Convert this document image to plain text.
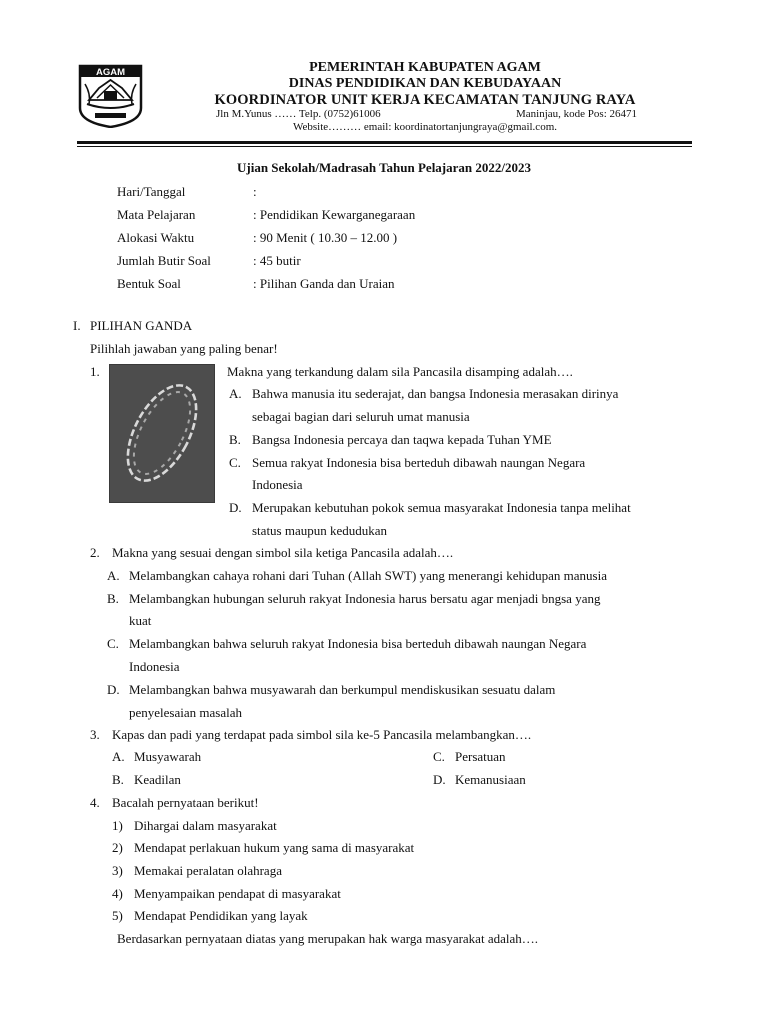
AGAM	PEMERINTAH KABUPATEN AGAM
DINAS PENDIDIKAN DAN KEBUDAYAAN
KOORDINATOR UNIT KERJA KECAMATAN TANJUNG RAYA
Jln M.Yunus …… Telp. (0752)61006	Maninjau, kode Pos: 26471
Website……… email: koordinatortanjungraya@gmail.com.
Ujian Sekolah/Madrasah Tahun Pelajaran 2022/2023
Hari/Tanggal	:
Mata Pelajaran	: Pendidikan Kewarganegaraan
Alokasi Waktu	: 90 Menit ( 10.30 – 12.00 )
Jumlah Butir Soal	: 45 butir
Bentuk Soal	: Pilihan Ganda dan Uraian
I. PILIHAN GANDA
Pilihlah jawaban yang paling benar!
1.	Makna yang terkandung dalam sila Pancasila disamping adalah….
A. Bahwa manusia itu sederajat, dan bangsa Indonesia merasakan dirinya
sebagai bagian dari seluruh umat manusia
B. Bangsa Indonesia percaya dan taqwa kepada Tuhan YME
C. Semua rakyat Indonesia bisa berteduh dibawah naungan Negara
Indonesia
D. Merupakan kebutuhan pokok semua masyarakat Indonesia tanpa melihat
status maupun kedudukan
2. Makna yang sesuai dengan simbol sila ketiga Pancasila adalah….
A. Melambangkan cahaya rohani dari Tuhan (Allah SWT) yang menerangi kehidupan manusia
B. Melambangkan hubungan seluruh rakyat Indonesia harus bersatu agar menjadi bngsa yang
kuat
C. Melambangkan bahwa seluruh rakyat Indonesia bisa berteduh dibawah naungan Negara
Indonesia
D. Melambangkan bahwa musyawarah dan berkumpul mendiskusikan sesuatu dalam
penyelesaian masalah
3. Kapas dan padi yang terdapat pada simbol sila ke-5 Pancasila melambangkan….
A. Musyawarah	C. Persatuan
B. Keadilan	D. Kemanusiaan
4. Bacalah pernyataan berikut!
1) Dihargai dalam masyarakat
2) Mendapat perlakuan hukum yang sama di masyarakat
3) Memakai peralatan olahraga
4) Menyampaikan pendapat di masyarakat
5) Mendapat Pendidikan yang layak
Berdasarkan pernyataan diatas yang merupakan hak warga masyarakat adalah….
